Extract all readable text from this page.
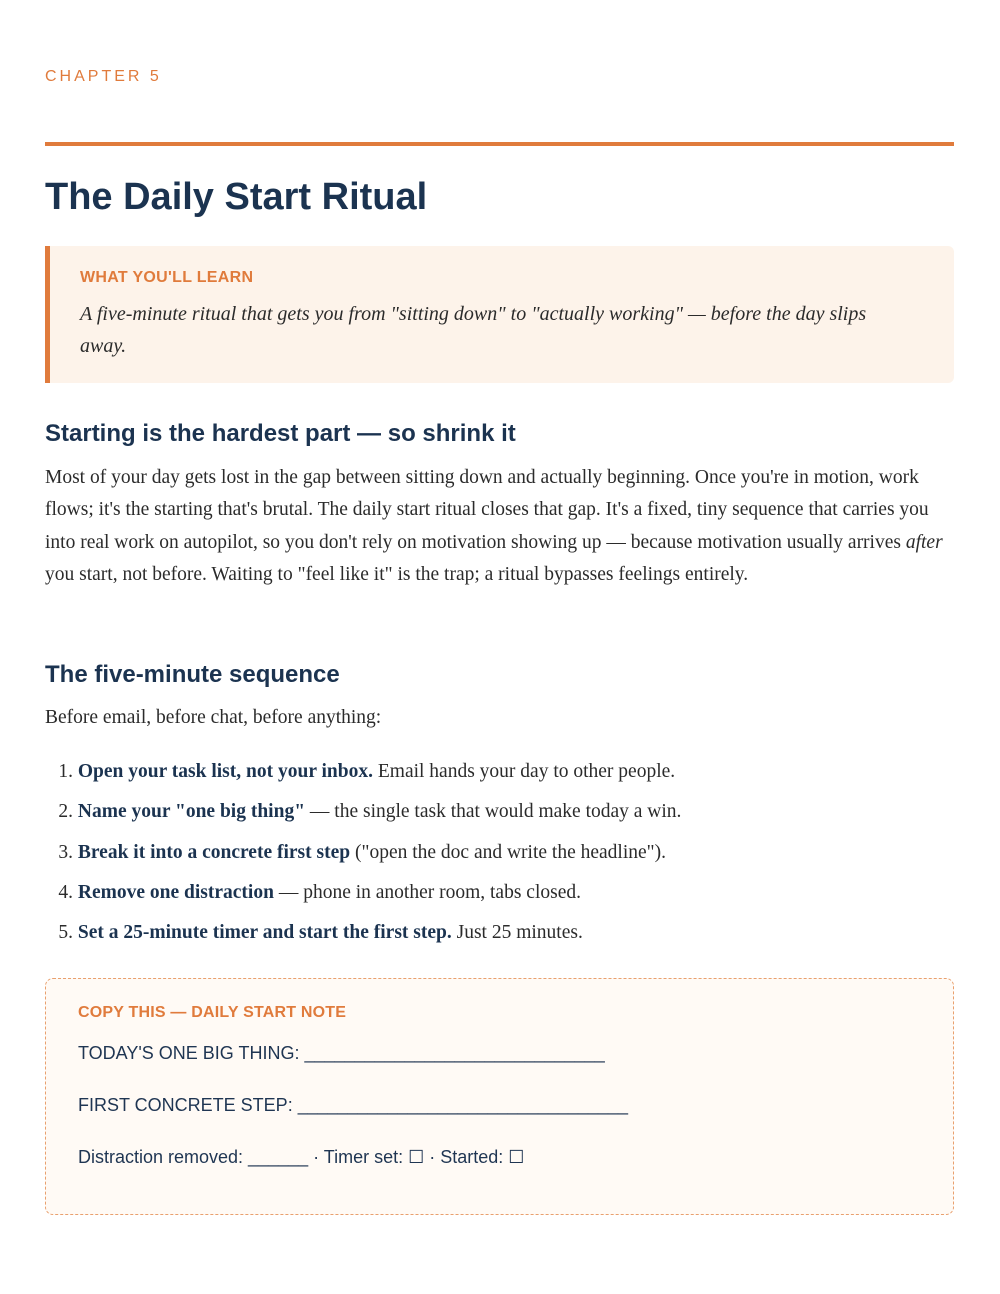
CHAPTER 5

The Daily Start Ritual

WHAT YOU'LL LEARN

A five-minute ritual that gets you from "sitting down" to "actually working" — before the day slips away.

Starting is the hardest part — so shrink it

Most of your day gets lost in the gap between sitting down and actually beginning. Once you're in motion, work flows; it's the starting that's brutal. The daily start ritual closes that gap. It's a fixed, tiny sequence that carries you into real work on autopilot, so you don't rely on motivation showing up — because motivation usually arrives after you start, not before. Waiting to "feel like it" is the trap; a ritual bypasses feelings entirely.

The five-minute sequence

Before email, before chat, before anything:

1.
Open your task list, not your inbox. Email hands your day to other people.
2.
Name your "one big thing" — the single task that would make today a win.
3.
Break it into a concrete first step ("open the doc and write the headline").
4.
Remove one distraction — phone in another room, tabs closed.
5.
Set a 25-minute timer and start the first step. Just 25 minutes.

COPY THIS — DAILY START NOTE

TODAY'S ONE BIG THING: ______________________________

FIRST CONCRETE STEP: _________________________________

Distraction removed: ______ · Timer set: ☐ · Started: ☐
